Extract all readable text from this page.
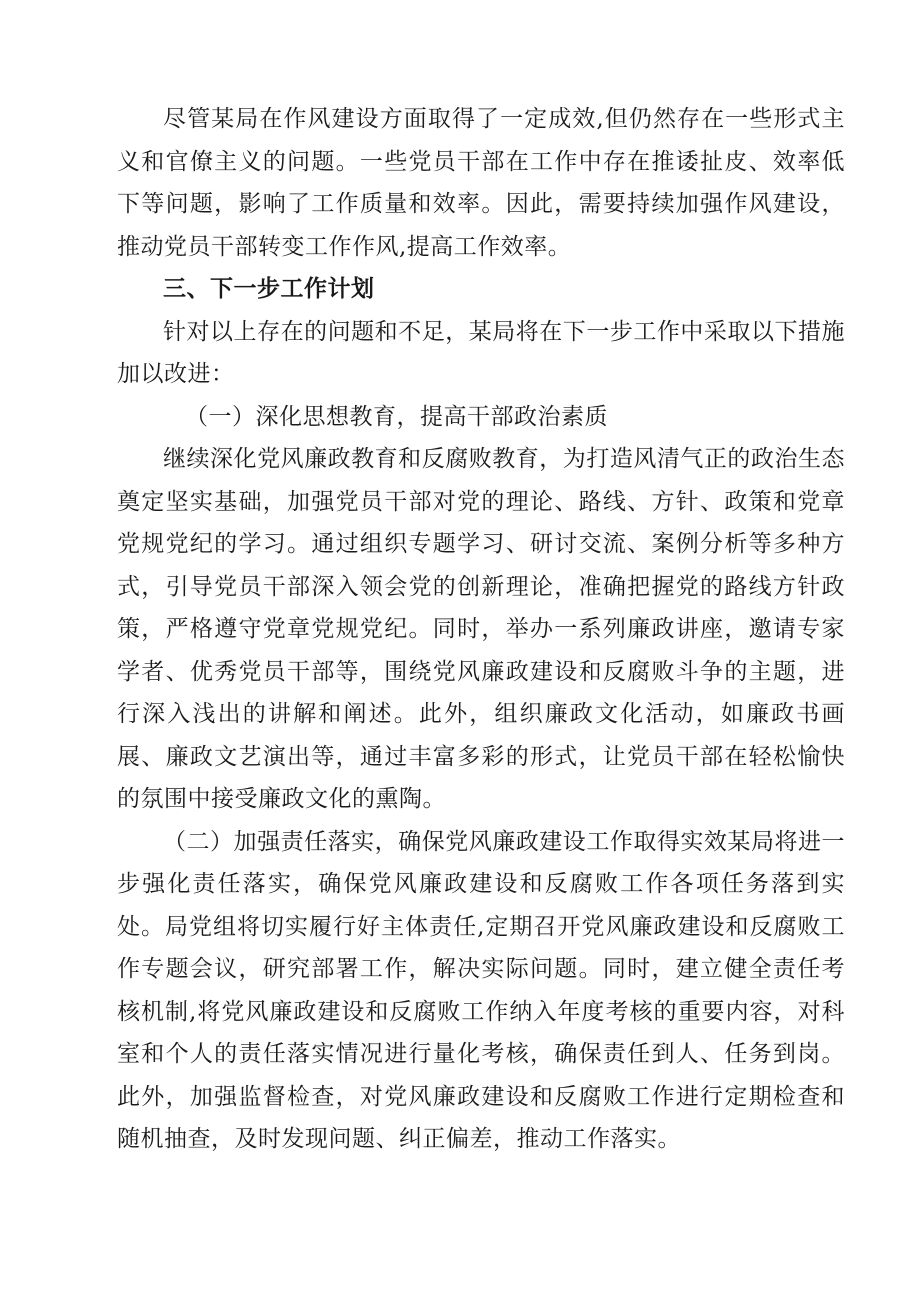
尽管某局在作风建设方面取得了一定成效,但仍然存在一些形式主义和官僚主义的问题。一些党员干部在工作中存在推诿扯皮、效率低下等问题，影响了工作质量和效率。因此，需要持续加强作风建设，推动党员干部转变工作作风,提高工作效率。

三、下一步工作计划

针对以上存在的问题和不足，某局将在下一步工作中采取以下措施加以改进：

（一）深化思想教育，提高干部政治素质

继续深化党风廉政教育和反腐败教育，为打造风清气正的政治生态奠定坚实基础，加强党员干部对党的理论、路线、方针、政策和党章党规党纪的学习。通过组织专题学习、研讨交流、案例分析等多种方式，引导党员干部深入领会党的创新理论，准确把握党的路线方针政策，严格遵守党章党规党纪。同时，举办一系列廉政讲座，邀请专家学者、优秀党员干部等，围绕党风廉政建设和反腐败斗争的主题，进行深入浅出的讲解和阐述。此外，组织廉政文化活动，如廉政书画展、廉政文艺演出等，通过丰富多彩的形式，让党员干部在轻松愉快的氛围中接受廉政文化的熏陶。

（二）加强责任落实，确保党风廉政建设工作取得实效某局将进一步强化责任落实，确保党风廉政建设和反腐败工作各项任务落到实处。局党组将切实履行好主体责任,定期召开党风廉政建设和反腐败工作专题会议，研究部署工作，解决实际问题。同时，建立健全责任考核机制,将党风廉政建设和反腐败工作纳入年度考核的重要内容，对科室和个人的责任落实情况进行量化考核，确保责任到人、任务到岗。此外，加强监督检查，对党风廉政建设和反腐败工作进行定期检查和随机抽查，及时发现问题、纠正偏差，推动工作落实。
